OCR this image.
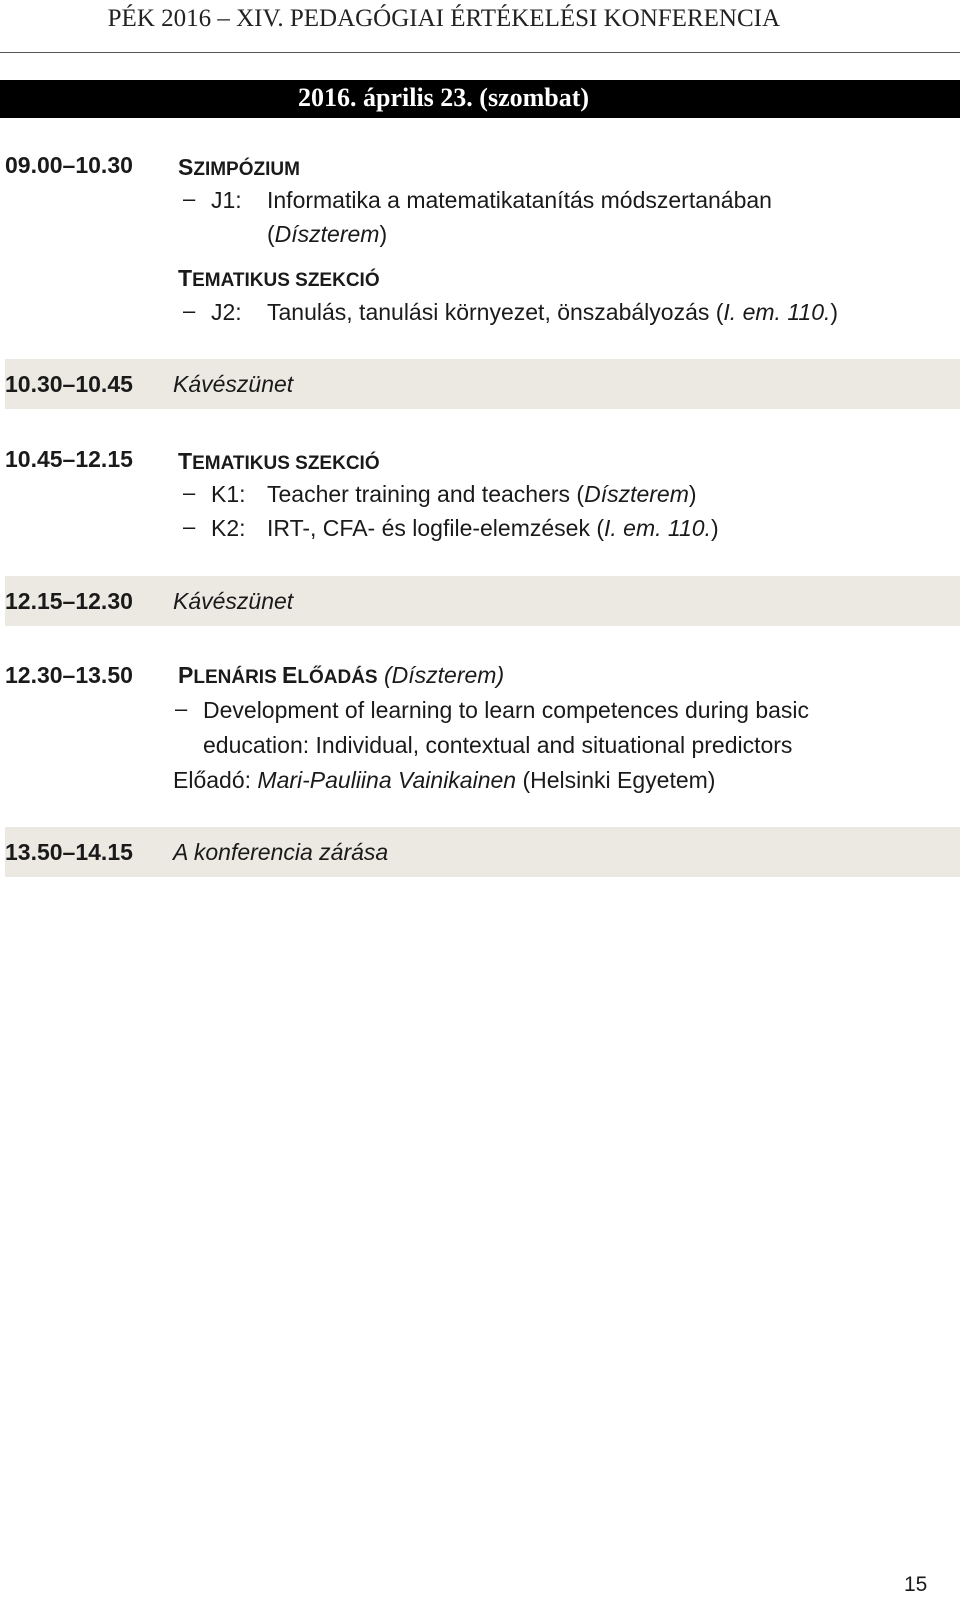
PÉK 2016 – XIV. PEDAGÓGIAI ÉRTÉKELÉSI KONFERENCIA
2016. április 23. (szombat)
09.00–10.30 SZIMPÓZIUM
– J1: Informatika a matematikatanítás módszertanában
(Díszterem)
TEMATIKUS SZEKCIÓ
– J2: Tanulás, tanulási környezet, önszabályozás (I. em. 110.)
10.30–10.45 Kávészünet
10.45–12.15 TEMATIKUS SZEKCIÓ
– K1: Teacher training and teachers (Díszterem)
– K2: IRT-, CFA- és logfile-elemzések (I. em. 110.)
12.15–12.30 Kávészünet
12.30–13.50 PLENÁRIS ELŐADÁS (Díszterem)
– Development of learning to learn competences during basic
education: Individual, contextual and situational predictors
Előadó: Mari-Pauliina Vainikainen (Helsinki Egyetem)
13.50–14.15 A konferencia zárása
15
